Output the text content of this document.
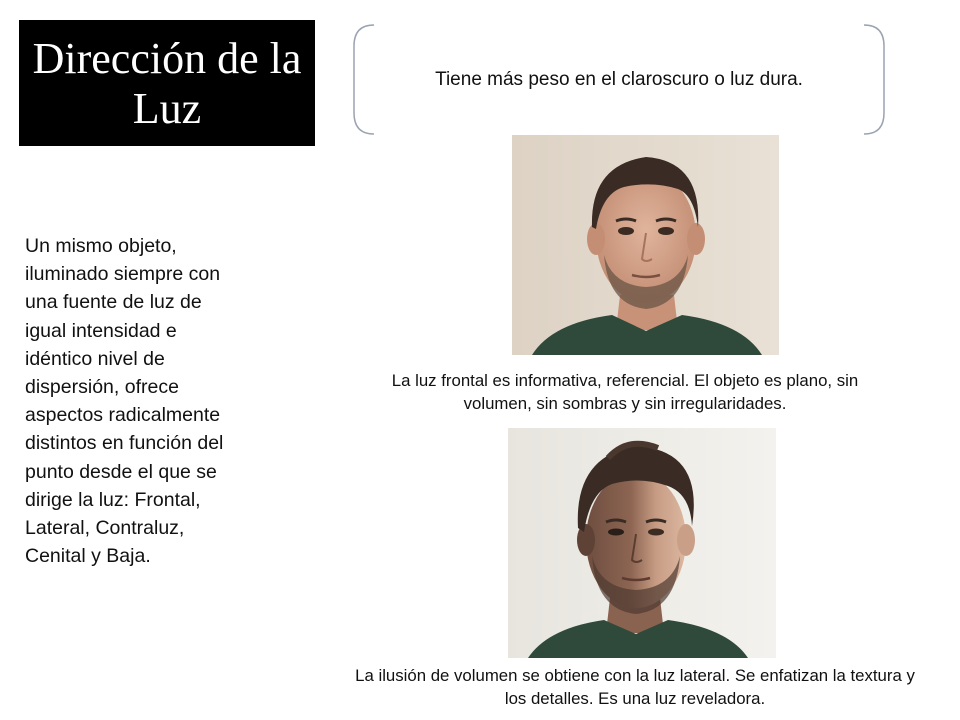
Dirección de la Luz
Tiene más peso en el claroscuro o luz dura.
Un mismo objeto, iluminado siempre con una fuente de luz de igual intensidad e idéntico nivel de dispersión, ofrece aspectos radicalmente distintos en función del punto desde el que se dirige la luz: Frontal, Lateral, Contraluz, Cenital y Baja.
La luz frontal es informativa, referencial. El objeto es plano, sin volumen, sin sombras y sin irregularidades.
La ilusión de volumen se obtiene con la luz lateral. Se enfatizan la textura y los detalles. Es una luz reveladora.
